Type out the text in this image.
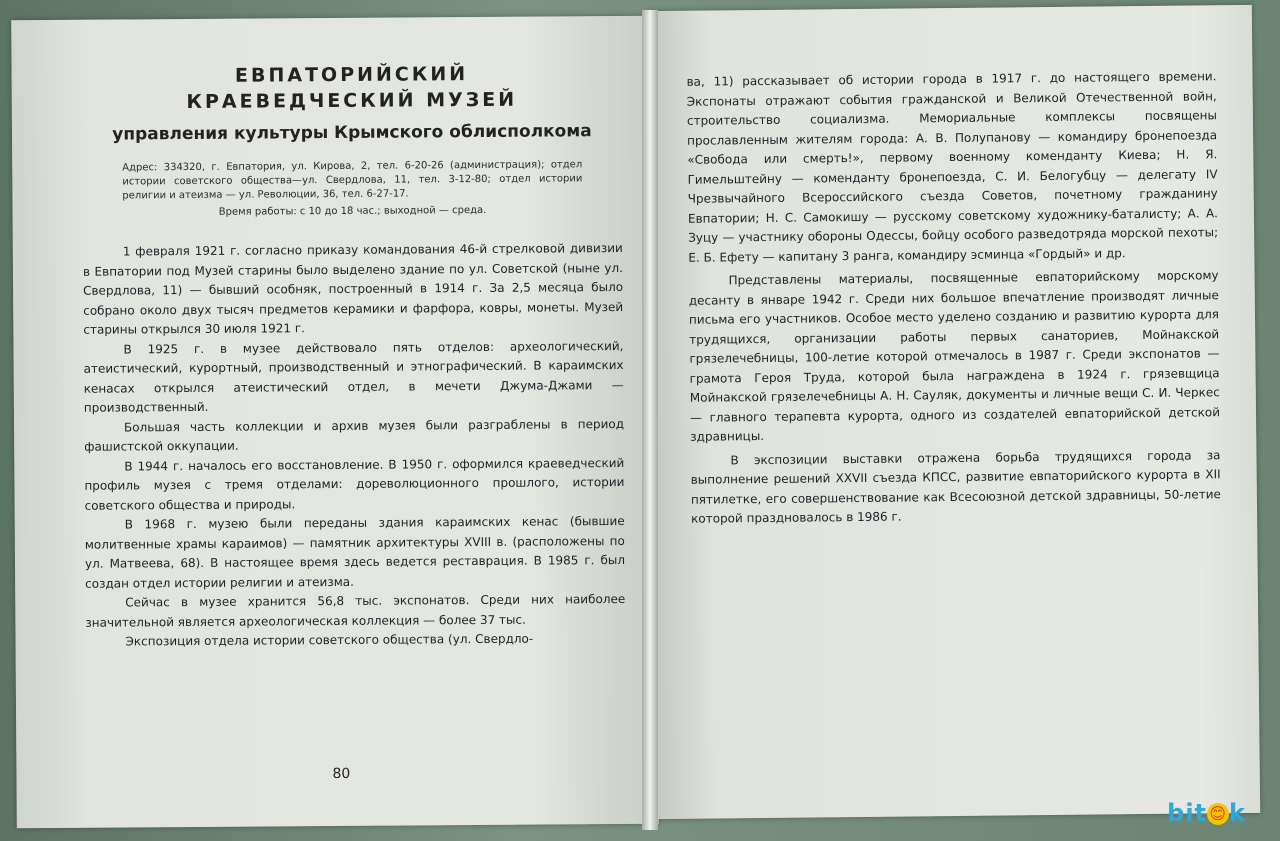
ЕВПАТОРИЙСКИЙ
КРАЕВЕДЧЕСКИЙ МУЗЕЙ
управления культуры Крымского облисполкома
Адрес: 334320, г. Евпатория, ул. Кирова, 2, тел. 6-20-26 (администрация); отдел истории советского общества—ул. Свердлова, 11, тел. 3-12-80; отдел истории религии и атеизма — ул. Революции, 36, тел. 6-27-17.
Время работы: с 10 до 18 час.; выходной — среда.

1 февраля 1921 г. согласно приказу командования 46-й стрелковой дивизии в Евпатории под Музей старины было выделено здание по ул. Советской (ныне ул. Свердлова, 11) — бывший особняк, построенный в 1914 г. За 2,5 месяца было собрано около двух тысяч предметов керамики и фарфора, ковры, монеты. Музей старины открылся 30 июля 1921 г.

В 1925 г. в музее действовало пять отделов: археологический, атеистический, курортный, производственный и этнографический. В караимских кенасах открылся атеистический отдел, в мечети Джума-Джами — производственный.

Большая часть коллекции и архив музея были разграблены в период фашистской оккупации.

В 1944 г. началось его восстановление. В 1950 г. оформился краеведческий профиль музея с тремя отделами: дореволюционного прошлого, истории советского общества и природы.

В 1968 г. музею были переданы здания караимских кенас (бывшие молитвенные храмы караимов) — памятник архитектуры XVIII в. (расположены по ул. Матвеева, 68). В настоящее время здесь ведется реставрация. В 1985 г. был создан отдел истории религии и атеизма.

Сейчас в музее хранится 56,8 тыс. экспонатов. Среди них наиболее значительной является археологическая коллекция — более 37 тыс.

Экспозиция отдела истории советского общества (ул. Свердло-

80

ва, 11) рассказывает об истории города в 1917 г. до настоящего времени. Экспонаты отражают события гражданской и Великой Отечественной войн, строительство социализма. Мемориальные комплексы посвящены прославленным жителям города: А. В. Полупанову — командиру бронепоезда «Свобода или смерть!», первому военному коменданту Киева; Н. Я. Гимельштейну — коменданту бронепоезда, С. И. Белогубцу — делегату IV Чрезвычайного Всероссийского съезда Советов, почетному гражданину Евпатории; Н. С. Самокишу — русскому советскому художнику-баталисту; А. А. Зуцу — участнику обороны Одессы, бойцу особого разведотряда морской пехоты; Е. Б. Ефету — капитану 3 ранга, командиру эсминца «Гордый» и др.

Представлены материалы, посвященные евпаторийскому морскому десанту в январе 1942 г. Среди них большое впечатление производят личные письма его участников. Особое место уделено созданию и развитию курорта для трудящихся, организации работы первых санаториев, Мойнакской грязелечебницы, 100-летие которой отмечалось в 1987 г. Среди экспонатов — грамота Героя Труда, которой была награждена в 1924 г. грязевщица Мойнакской грязелечебницы А. Н. Сауляк, документы и личные вещи С. И. Черкес — главного терапевта курорта, одного из создателей евпаторийской детской здравницы.

В экспозиции выставки отражена борьба трудящихся города за выполнение решений XXVII съезда КПСС, развитие евпаторийского курорта в XII пятилетке, его совершенствование как Всесоюзной детской здравницы, 50-летие которой праздновалось в 1986 г.

bit 😊k
